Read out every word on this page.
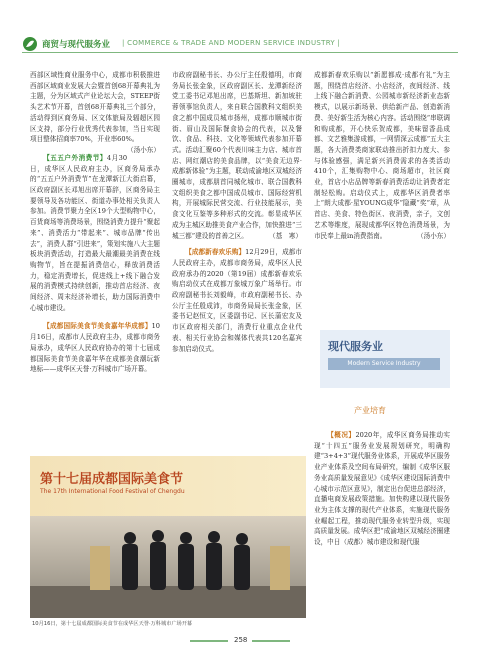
商贸与现代服务业 | COMMERCE & TRADE AND MODERN SERVICE INDUSTRY |

西部区域性商业服务中心，成都市积极推进西部区域商业发展大会暨首创68开幕典礼为主题，分为区域式产业论坛大会，STEEP街头艺术节开幕，首创68开幕典礼三个部分，活动得到区商务局、区文体旅局及辐超区园区支持，部分行业优秀代表参加，当日实现项目整体招商率70%，开业率60%。
（汤小东）

【五五户外消费节】4月30日，成华区人民政府主办，区商务局承办的“五五户外消费节”在龙潭新江大街启幕，区政府副区长邓旭出席开幕辞，区商务局主要领导及各功能区、街道办事处相关负责人参加。消费节聚力全区19个大型购物中心，百货商场等消费场景，围绕消费力提升“聚起来”、消费活力“带起来”、城市品牌“传出去”，消费人群“引进来”，策划实施八大主题板块消费活动，打造最大最潮最美消费在线购物节，旨在提振消费信心，释放消费活力，稳定消费增长，促进线上+线下融合发展的消费模式持续创新，推动首店经济、夜间经济、周末经济补增长，助力国际消费中心城市建设。

【成都国际美食节美食嘉年华成都】10月16日，成都市人民政府主办，成都市商务局承办，成华区人民政府协办的第十七届成都国际美食节美食嘉年华在成都美食潮玩新地标——成华区天誉·万科城市广场开幕。

市政府副秘书长、办公厅主任殷德明，市商务局长张金象，区政府副区长、龙潭新经济党工委书记邓旭出席，巴基斯坦、新加坡驻蓉领事馆负责人，来自联合国教科文组织美食之都中国成员城市扬州，成都市顺城市街街、眉山及国际餐食协会的代表，以及餐饮、食品、科技、文化等领域代表参加开幕式。活动汇聚60个代表川味主力店、城市首店、网红潮店的美食品牌，以“美食无边界·成都新体验”为主题，联动成渝地区双城经济圈城市，成都朋首同城化城市、联合国教科文组织美食之都中国成员城市、国际经营机构，开展城际民营交流、行业技能展示，美食文化互鉴等多种形式的交流。彰显成华区成为主城区助推美食产业合作，加快推进“三城三都”建设的首善之区。	（基　寒）

【成都新春欢乐购】12月29日，成都市人民政府主办，成都市商务局，成华区人民政府承办的2020（第19届）成都新春欢乐购启动仪式在成都万象城万象广场举行。市政府副秘书长刘毅峰，市政府副秘书长、办公厅主任殷成沛，市商务局局长张金象，区委书记赵恒文，区委副书记、区长蒲宏友及市区政府相关部门，消费行业重点企业代表、相关行业协会和媒体代表共120名嘉宾参加启动仪式。

成都新春欢乐购以“新愿都成·成都有礼”为主题，围绕首店经济、小店经济，夜间经济、线上线下融合新消费、公园城市新经济新业态新模式，以展示新场景、供给新产品、创造新消费、美好新生活为核心内容。活动围绕“串联调和购成都，开心快乐贺成都，美味留香品成都、文艺雅集游成都，一网情深云成都”五大主题，各大消费类商家联动推出折扣力度大、参与体验感强，满足新兴消费需求的各类活动410个，汇集购物中心、商场超市，社区商业，首店小店品牌等新春消费活动让消费者定制轻松购。启动仪式上，成都华区消费者率上“朗大成都·星YOUNG成华”隐藏“奖”章，从首店、美食、特色街区、夜消费，亲子，文创艺术等维度，展现成都华区特色消费场景，为市民奉上最in消费指南。	（汤小东）

现代服务业
Modern Service Industry
产业培育

【概况】2020年，成华区商务局推动实现“十四五”服务业发展规划研究，明确构建“3+4+3”现代服务业体系，开展成华区服务业产业体系及空间布局研究，编制《成华区服务业高质量发展意见》《成华区建设国际消费中心城市示范区意见》，制定出台促进总部经济，直播电商发展政策措施。加快构建以现代服务业为主体支撑的现代产业体系，实施现代服务业崛起工程，推动现代服务业转型升级，实现高质量发展。成华区把“成渝地区双城经济圈建设，中日（成都）城市建设和现代服

第十七届成都国际美食节
The 17th International Food Festival of Chengdu
10月16日，第十七届成都国际美食节在成华区天誉·万科城市广场开幕
258
